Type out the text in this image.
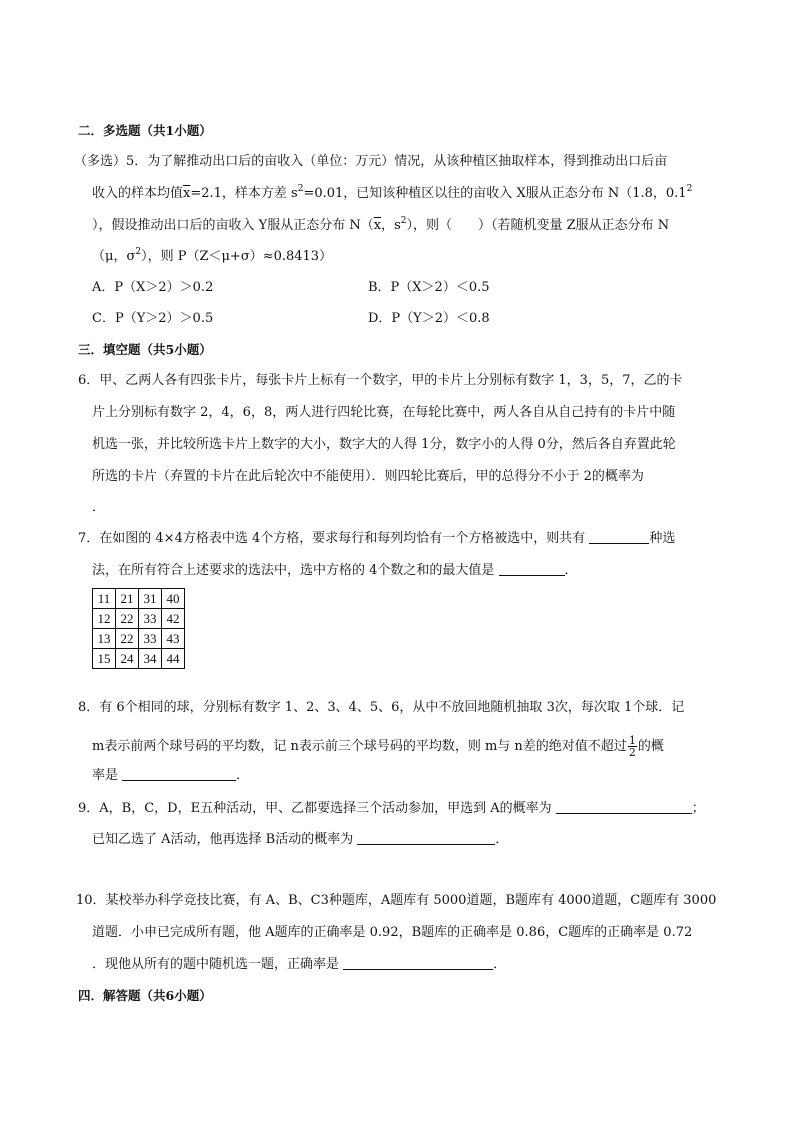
二．多选题（共1小题）
（多选）5．为了解推动出口后的亩收入（单位：万元）情况，从该种植区抽取样本，得到推动出口后亩
收入的样本均值$\overline{x}=2.1$，样本方差 $s^2=0.01$，已知该种植区以往的亩收入 X服从正态分布 N（1.8，$0.1^2$
），假设推动出口后的亩收入 Y服从正态分布 $N(\overline{x}$，$s^2$），则（　　）（若随机变量 Z服从正态分布 N
（μ，$\sigma^2$），则 P（Z＜μ+σ）≈0.8413）
A．P（X＞2）＞0.2	B．P（X＞2）＜0.5
C．P（Y＞2）＞0.5	D．P（Y＞2）＜0.8
三．填空题（共5小题）
6．甲、乙两人各有四张卡片，每张卡片上标有一个数字，甲的卡片上分别标有数字 1，3，5，7，乙的卡
片上分别标有数字 2，4，6，8，两人进行四轮比赛，在每轮比赛中，两人各自从自己持有的卡片中随
机选一张，并比较所选卡片上数字的大小，数字大的人得 1分，数字小的人得 0分，然后各自弃置此轮
所选的卡片（弃置的卡片在此后轮次中不能使用）．则四轮比赛后，甲的总得分不小于 2的概率为
．
7．在如图的 4×4方格表中选 4个方格，要求每行和每列均恰有一个方格被选中，则共有	种选
法，在所有符合上述要求的选法中，选中方格的 4个数之和的最大值是	．
11	21	31	40
12	22	33	42
13	22	33	43
15	24	34	44
8．有 6个相同的球，分别标有数字 1、2、3、4、5、6，从中不放回地随机抽取 3次，每次取 1个球．记
m表示前两个球号码的平均数，记 n表示前三个球号码的平均数，则 m与 n差的绝对值不超过 $\frac{1}{2}$ 的概
率是	．
9．A，B，C，D，E五种活动，甲、乙都要选择三个活动参加，甲选到 A的概率为	；
已知乙选了 A活动，他再选择 B活动的概率为	．
10．某校举办科学竞技比赛，有 A、B、C3种题库，A题库有 5000道题，B题库有 4000道题，C题库有 3000
道题．小申已完成所有题，他 A题库的正确率是 0.92，B题库的正确率是 0.86，C题库的正确率是 0.72
．现他从所有的题中随机选一题，正确率是	．
四．解答题（共6小题）
